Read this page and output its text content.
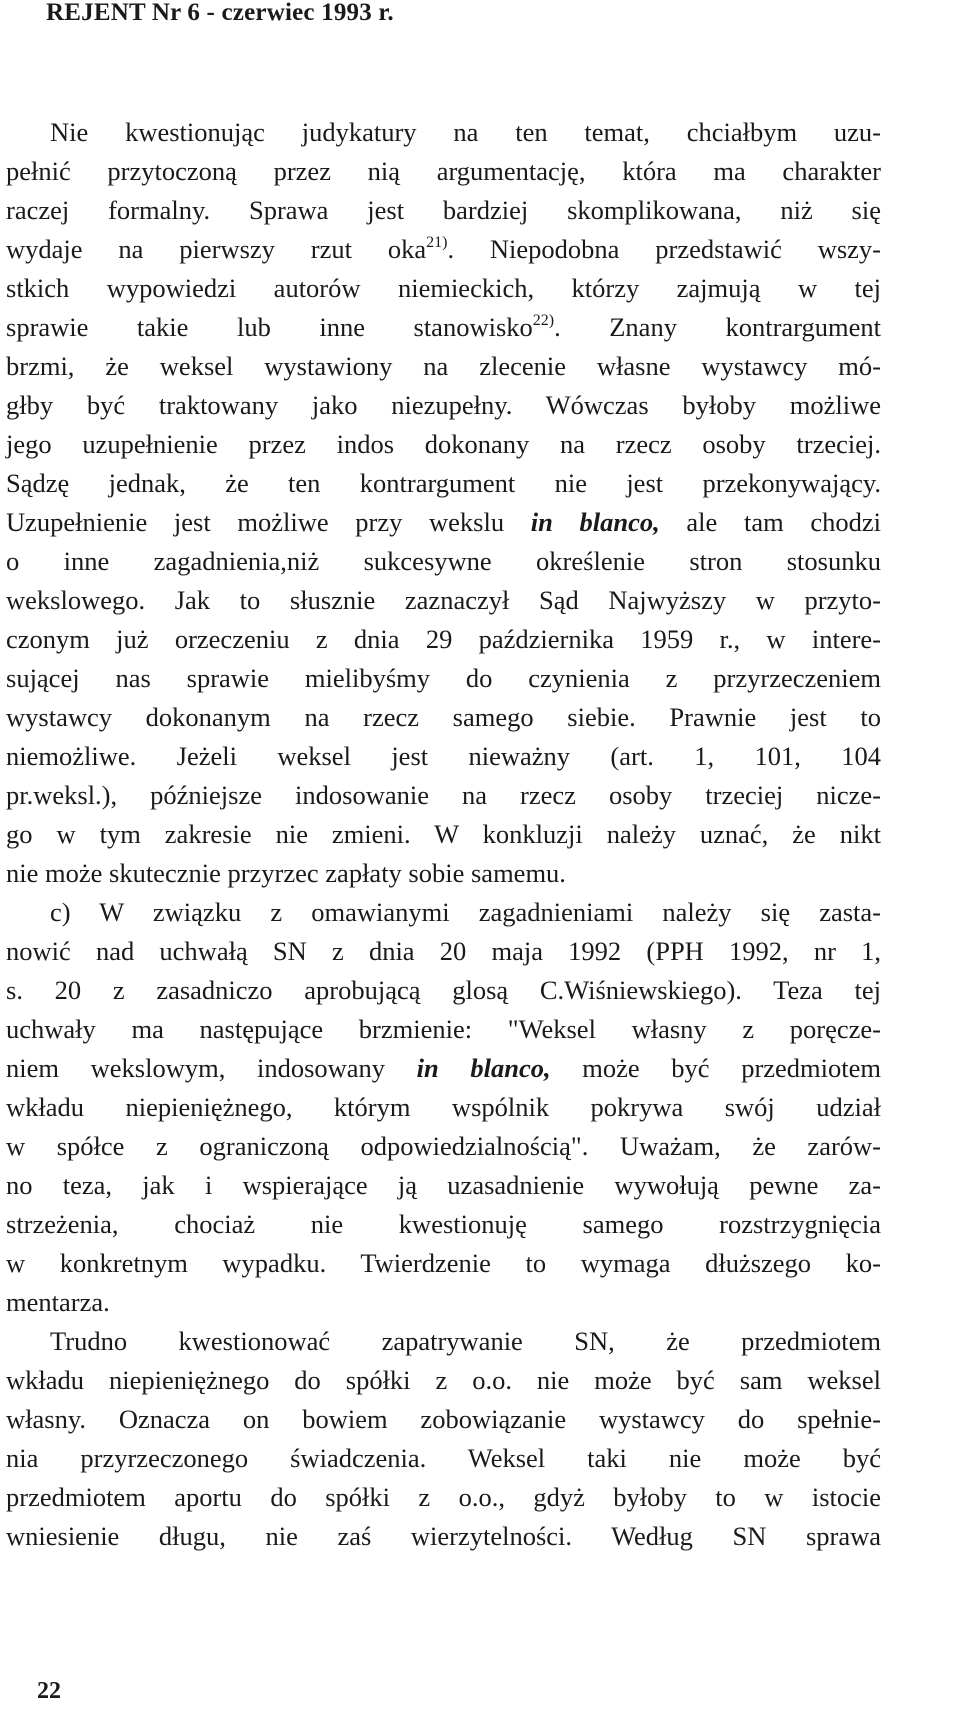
REJENT Nr 6 - czerwiec 1993 r.
Nie kwestionując judykatury na ten temat, chciałbym uzu-
pełnić przytoczoną przez nią argumentację, która ma charakter
raczej formalny. Sprawa jest bardziej skomplikowana, niż się
wydaje na pierwszy rzut oka$^{21)}$. Niepodobna przedstawić wszy-
stkich wypowiedzi autorów niemieckich, którzy zajmują w tej
sprawie takie lub inne stanowisko$^{22)}$. Znany kontrargument
brzmi, że weksel wystawiony na zlecenie własne wystawcy mó-
głby być traktowany jako niezupełny. Wówczas byłoby możliwe
jego uzupełnienie przez indos dokonany na rzecz osoby trzeciej.
Sądzę jednak, że ten kontrargument nie jest przekonywający.
Uzupełnienie jest możliwe przy wekslu in blanco, ale tam chodzi
o inne zagadnienia,niż sukcesywne określenie stron stosunku
wekslowego. Jak to słusznie zaznaczył Sąd Najwyższy w przyto-
czonym już orzeczeniu z dnia 29 października 1959 r., w intere-
sującej nas sprawie mielibyśmy do czynienia z przyrzeczeniem
wystawcy dokonanym na rzecz samego siebie. Prawnie jest to
niemożliwe. Jeżeli weksel jest nieważny (art. 1, 101, 104
pr.weksl.), późniejsze indosowanie na rzecz osoby trzeciej nicze-
go w tym zakresie nie zmieni. W konkluzji należy uznać, że nikt
nie może skutecznie przyrzec zapłaty sobie samemu.
c) W związku z omawianymi zagadnieniami należy się zasta-
nowić nad uchwałą SN z dnia 20 maja 1992 (PPH 1992, nr 1,
s. 20 z zasadniczo aprobującą glosą C.Wiśniewskiego). Teza tej
uchwały ma następujące brzmienie: "Weksel własny z poręcze-
niem wekslowym, indosowany in blanco, może być przedmiotem
wkładu niepieniężnego, którym wspólnik pokrywa swój udział
w spółce z ograniczoną odpowiedzialnością". Uważam, że zarów-
no teza, jak i wspierające ją uzasadnienie wywołują pewne za-
strzeżenia, chociaż nie kwestionuję samego rozstrzygnięcia
w konkretnym wypadku. Twierdzenie to wymaga dłuższego ko-
mentarza.
Trudno kwestionować zapatrywanie SN, że przedmiotem
wkładu niepieniężnego do spółki z o.o. nie może być sam weksel
własny. Oznacza on bowiem zobowiązanie wystawcy do spełnie-
nia przyrzeczonego świadczenia. Weksel taki nie może być
przedmiotem aportu do spółki z o.o., gdyż byłoby to w istocie
wniesienie długu, nie zaś wierzytelności. Według SN sprawa
22
